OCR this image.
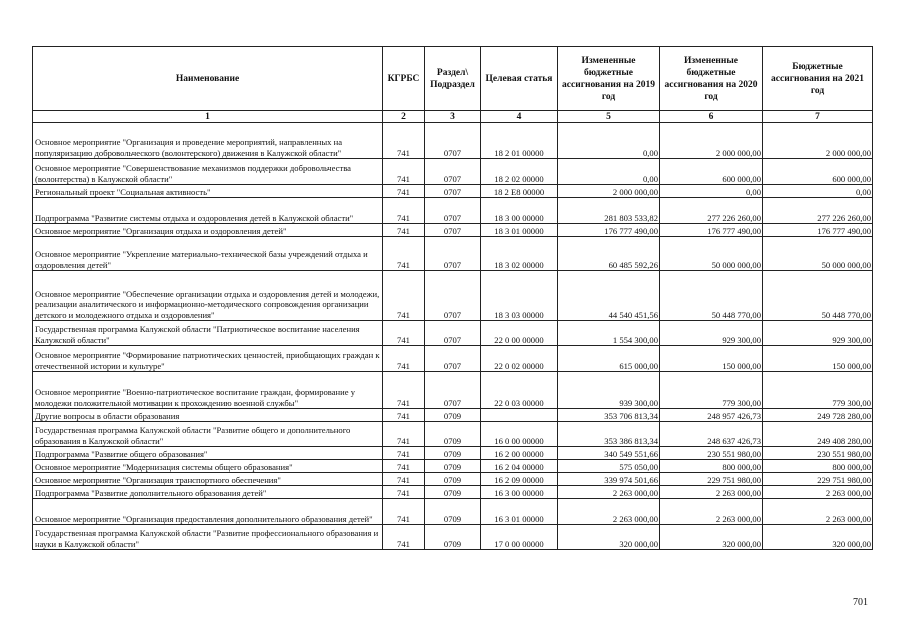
Наименование	КГРБС	Раздел\ Подраздел	Целевая статья	Измененные бюджетные ассигнования на 2019 год	Измененные бюджетные ассигнования на 2020 год	Бюджетные ассигнования на 2021 год
1	2	3	4	5	6	7
Основное мероприятие "Организация и проведение мероприятий, направленных на популяризацию добровольческого (волонтерского) движения в Калужской области"	741	0707	18 2 01 00000	0,00	2 000 000,00	2 000 000,00
Основное мероприятие "Совершенствование механизмов поддержки добровольчества (волонтерства) в Калужской области"	741	0707	18 2 02 00000	0,00	600 000,00	600 000,00
Региональный проект "Социальная активность"	741	0707	18 2 E8 00000	2 000 000,00	0,00	0,00
Подпрограмма "Развитие системы отдыха и оздоровления детей в Калужской области"	741	0707	18 3 00 00000	281 803 533,82	277 226 260,00	277 226 260,00
Основное мероприятие "Организация отдыха и оздоровления детей"	741	0707	18 3 01 00000	176 777 490,00	176 777 490,00	176 777 490,00
Основное мероприятие "Укрепление материально-технической базы учреждений отдыха и оздоровления детей"	741	0707	18 3 02 00000	60 485 592,26	50 000 000,00	50 000 000,00
Основное мероприятие "Обеспечение организации отдыха и оздоровления детей и молодежи, реализации аналитического и информационно-методического сопровождения организации детского и молодежного отдыха и оздоровления"	741	0707	18 3 03 00000	44 540 451,56	50 448 770,00	50 448 770,00
Государственная программа Калужской области "Патриотическое воспитание населения Калужской области"	741	0707	22 0 00 00000	1 554 300,00	929 300,00	929 300,00
Основное мероприятие "Формирование патриотических ценностей, приобщающих граждан к отечественной истории и культуре"	741	0707	22 0 02 00000	615 000,00	150 000,00	150 000,00
Основное мероприятие "Военно-патриотическое воспитание граждан, формирование у молодежи положительной мотивации к прохождению военной службы"	741	0707	22 0 03 00000	939 300,00	779 300,00	779 300,00
Другие вопросы в области образования	741	0709		353 706 813,34	248 957 426,73	249 728 280,00
Государственная программа Калужской области "Развитие общего и дополнительного образования в Калужской области"	741	0709	16 0 00 00000	353 386 813,34	248 637 426,73	249 408 280,00
Подпрограмма "Развитие общего образования"	741	0709	16 2 00 00000	340 549 551,66	230 551 980,00	230 551 980,00
Основное мероприятие "Модернизация системы общего образования"	741	0709	16 2 04 00000	575 050,00	800 000,00	800 000,00
Основное мероприятие "Организация транспортного обеспечения"	741	0709	16 2 09 00000	339 974 501,66	229 751 980,00	229 751 980,00
Подпрограмма "Развитие дополнительного образования детей"	741	0709	16 3 00 00000	2 263 000,00	2 263 000,00	2 263 000,00
Основное мероприятие "Организация предоставления дополнительного образования детей"	741	0709	16 3 01 00000	2 263 000,00	2 263 000,00	2 263 000,00
Государственная программа Калужской области "Развитие профессионального образования и науки в Калужской области"	741	0709	17 0 00 00000	320 000,00	320 000,00	320 000,00
701
